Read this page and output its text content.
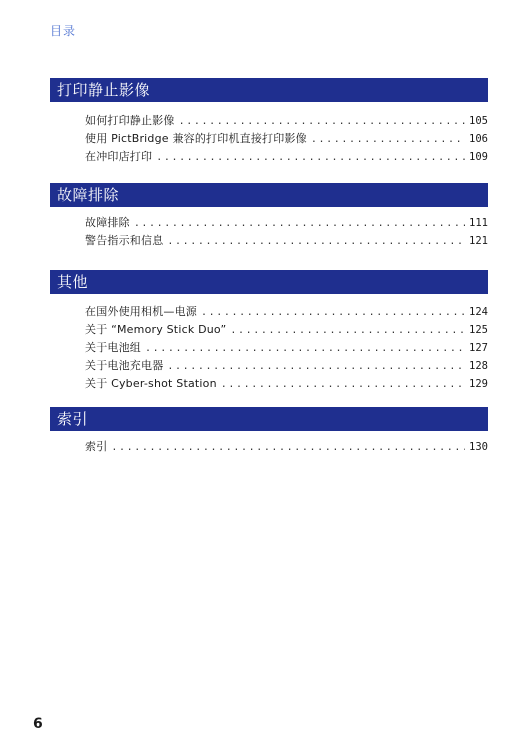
目录
打印静止影像
如何打印静止影像 .....	105
使用 PictBridge 兼容的打印机直接打印影像 .....	106
在冲印店打印 .....	109
故障排除
故障排除 .....	111
警告指示和信息 .....	121
其他
在国外使用相机—电源 .....	124
关于 “Memory Stick Duo” .....	125
关于电池组 .....	127
关于电池充电器 .....	128
关于 Cyber-shot Station .....	129
索引
索引 .....	130
6
